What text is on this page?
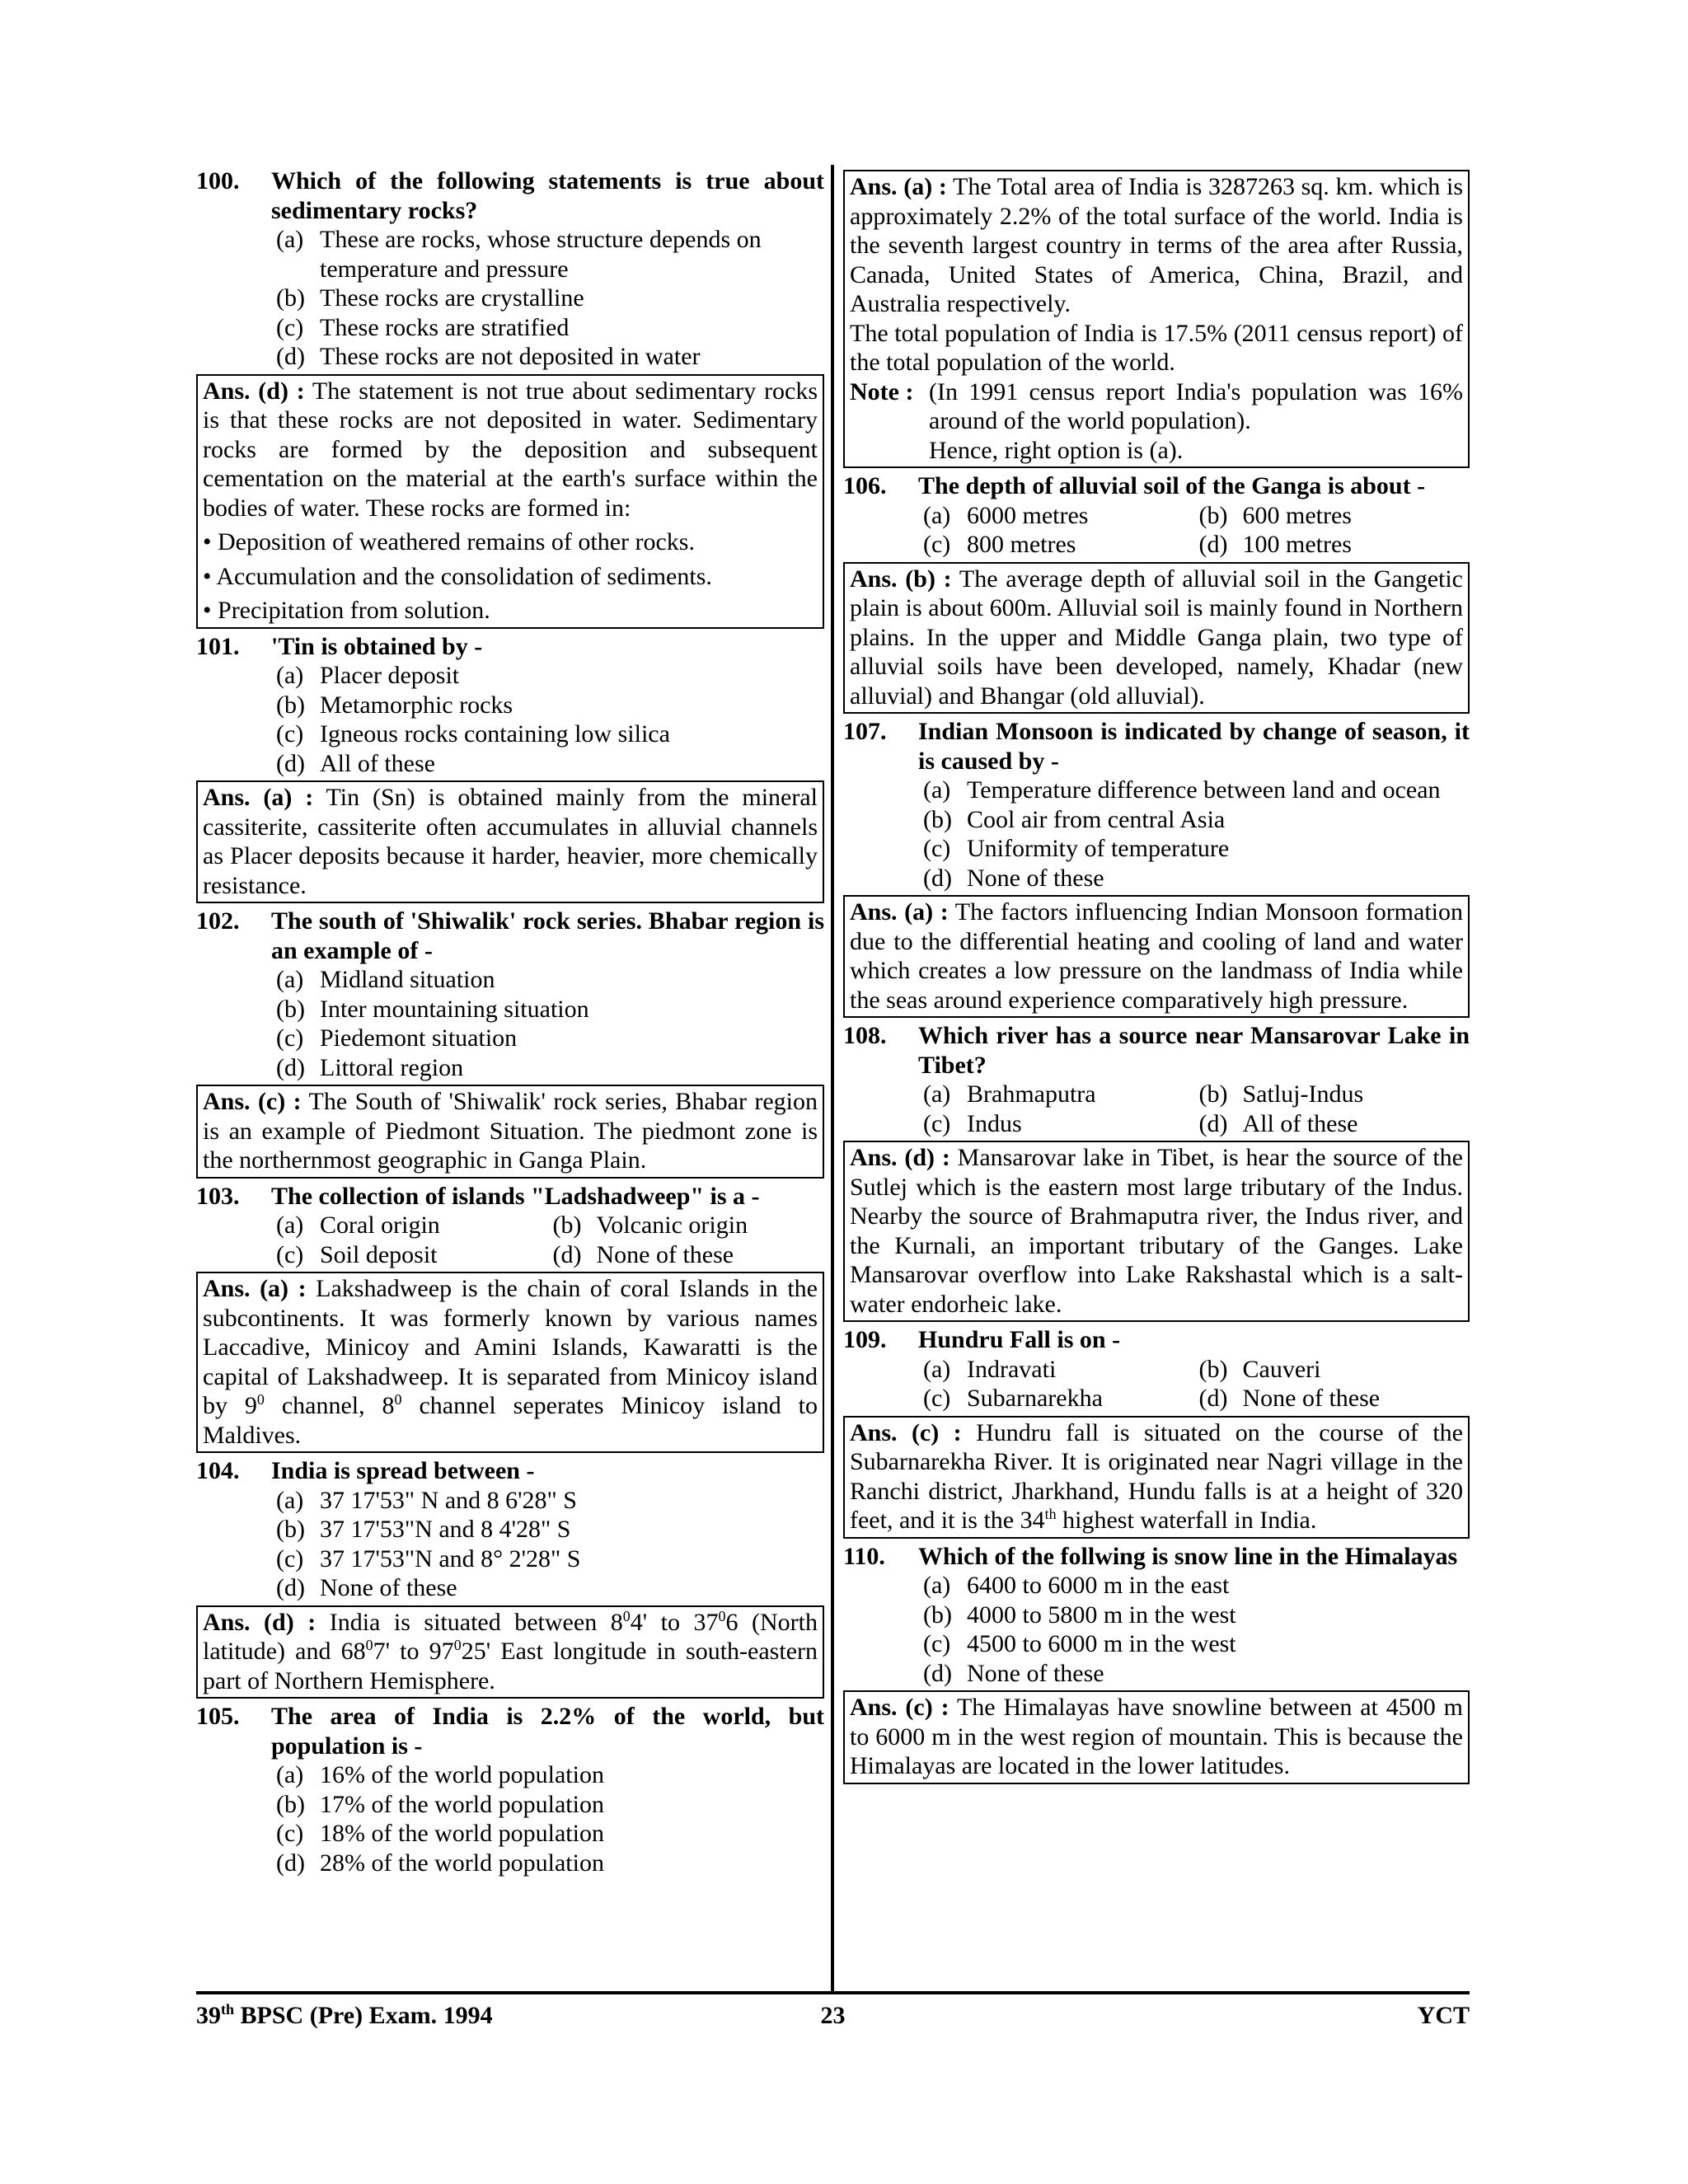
100.	Which of the following statements is true about sedimentary rocks?
(a) These are rocks, whose structure depends on temperature and pressure
(b) These rocks are crystalline
(c) These rocks are stratified
(d) These rocks are not deposited in water
Ans. (d) : The statement is not true about sedimentary rocks is that these rocks are not deposited in water. Sedimentary rocks are formed by the deposition and subsequent cementation on the material at the earth's surface within the bodies of water. These rocks are formed in:
• Deposition of weathered remains of other rocks.
• Accumulation and the consolidation of sediments.
• Precipitation from solution.
101.	'Tin is obtained by -
(a) Placer deposit
(b) Metamorphic rocks
(c) Igneous rocks containing low silica
(d) All of these
Ans. (a) : Tin (Sn) is obtained mainly from the mineral cassiterite, cassiterite often accumulates in alluvial channels as Placer deposits because it harder, heavier, more chemically resistance.
102.	The south of 'Shiwalik' rock series. Bhabar region is an example of -
(a) Midland situation
(b) Inter mountaining situation
(c) Piedemont situation
(d) Littoral region
Ans. (c) : The South of 'Shiwalik' rock series, Bhabar region is an example of Piedmont Situation. The piedmont zone is the northernmost geographic in Ganga Plain.
103.	The collection of islands "Ladshadweep" is a -
(a) Coral origin	(b) Volcanic origin
(c) Soil deposit	(d) None of these
Ans. (a) : Lakshadweep is the chain of coral Islands in the subcontinents. It was formerly known by various names Laccadive, Minicoy and Amini Islands, Kawaratti is the capital of Lakshadweep. It is separated from Minicoy island by $9^0$ channel, $8^0$ channel seperates Minicoy island to Maldives.
104.	India is spread between -
(a) 37 17'53" N and 8 6'28" S
(b) 37 17'53"N and 8 4'28" S
(c) 37 17'53"N and 8° 2'28" S
(d) None of these
Ans. (d) : India is situated between $8^04'$ to $37^06$ (North latitude) and $68^07'$ to $97^025'$ East longitude in south-eastern part of Northern Hemisphere.
105.	The area of India is 2.2% of the world, but population is -
(a) 16% of the world population
(b) 17% of the world population
(c) 18% of the world population
(d) 28% of the world population
Ans. (a) : The Total area of India is 3287263 sq. km. which is approximately 2.2% of the total surface of the world. India is the seventh largest country in terms of the area after Russia, Canada, United States of America, China, Brazil, and Australia respectively.
The total population of India is 17.5% (2011 census report) of the total population of the world.
Note : (In 1991 census report India's population was 16% around of the world population).
Hence, right option is (a).
106.	The depth of alluvial soil of the Ganga is about -
(a) 6000 metres	(b) 600 metres
(c) 800 metres	(d) 100 metres
Ans. (b) : The average depth of alluvial soil in the Gangetic plain is about 600m. Alluvial soil is mainly found in Northern plains. In the upper and Middle Ganga plain, two type of alluvial soils have been developed, namely, Khadar (new alluvial) and Bhangar (old alluvial).
107.	Indian Monsoon is indicated by change of season, it is caused by -
(a) Temperature difference between land and ocean
(b) Cool air from central Asia
(c) Uniformity of temperature
(d) None of these
Ans. (a) : The factors influencing Indian Monsoon formation due to the differential heating and cooling of land and water which creates a low pressure on the landmass of India while the seas around experience comparatively high pressure.
108.	Which river has a source near Mansarovar Lake in Tibet?
(a) Brahmaputra	(b) Satluj-Indus
(c) Indus	(d) All of these
Ans. (d) : Mansarovar lake in Tibet, is hear the source of the Sutlej which is the eastern most large tributary of the Indus. Nearby the source of Brahmaputra river, the Indus river, and the Kurnali, an important tributary of the Ganges. Lake Mansarovar overflow into Lake Rakshastal which is a salt-water endorheic lake.
109.	Hundru Fall is on -
(a) Indravati	(b) Cauveri
(c) Subarnarekha	(d) None of these
Ans. (c) : Hundru fall is situated on the course of the Subarnarekha River. It is originated near Nagri village in the Ranchi district, Jharkhand, Hundu falls is at a height of 320 feet, and it is the 34th highest waterfall in India.
110.	Which of the follwing is snow line in the Himalayas
(a) 6400 to 6000 m in the east
(b) 4000 to 5800 m in the west
(c) 4500 to 6000 m in the west
(d) None of these
Ans. (c) : The Himalayas have snowline between at 4500 m to 6000 m in the west region of mountain. This is because the Himalayas are located in the lower latitudes.
39th BPSC (Pre) Exam. 1994	23	YCT
